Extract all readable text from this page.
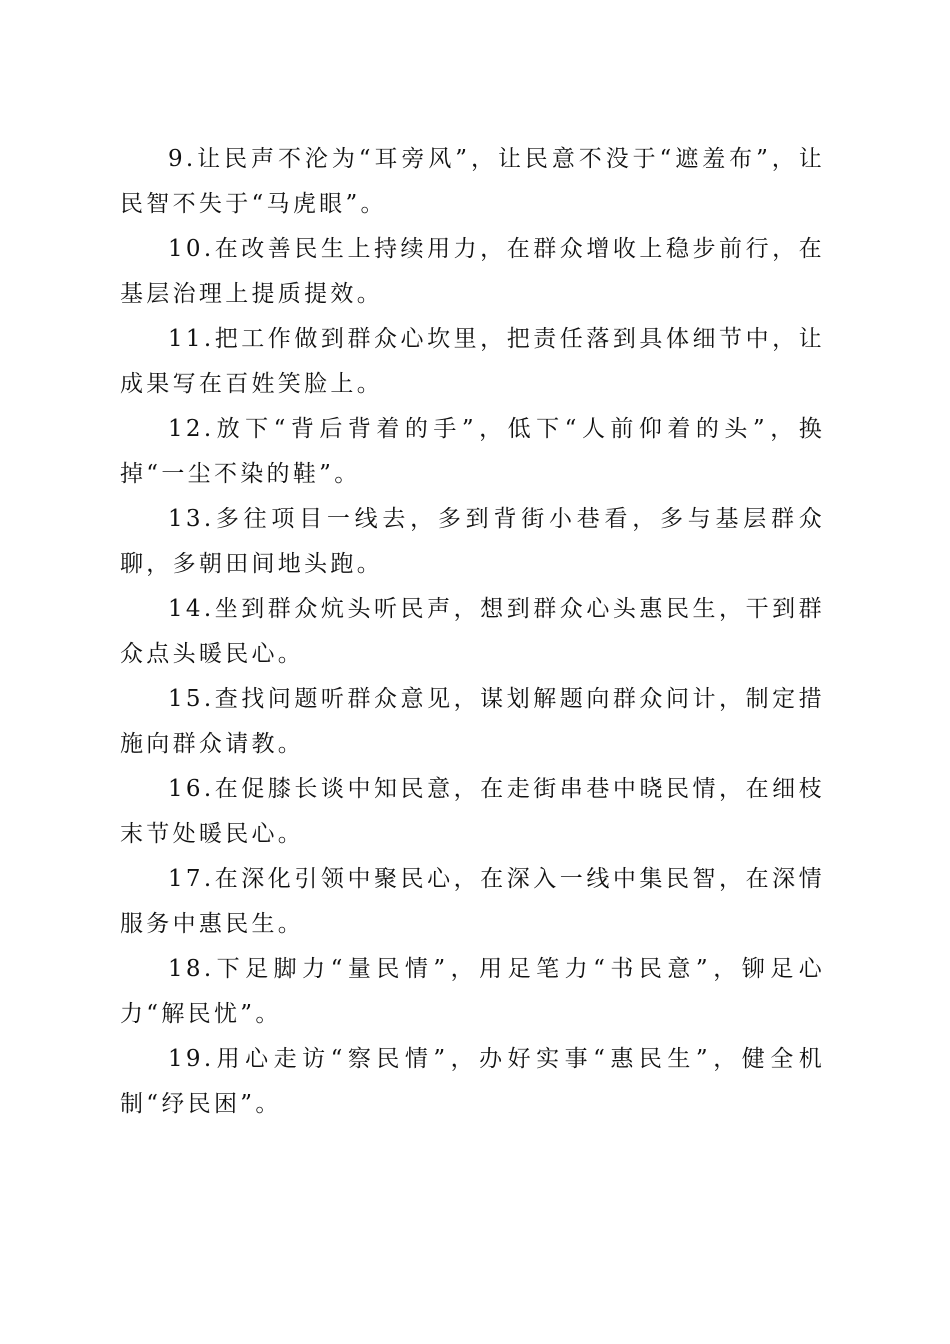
9.让民声不沦为“耳旁风”，让民意不没于“遮羞布”，让民智不失于“马虎眼”。

10.在改善民生上持续用力，在群众增收上稳步前行，在基层治理上提质提效。

11.把工作做到群众心坎里，把责任落到具体细节中，让成果写在百姓笑脸上。

12.放下“背后背着的手”，低下“人前仰着的头”，换掉“一尘不染的鞋”。

13.多往项目一线去，多到背街小巷看，多与基层群众聊，多朝田间地头跑。

14.坐到群众炕头听民声，想到群众心头惠民生，干到群众点头暖民心。

15.查找问题听群众意见，谋划解题向群众问计，制定措施向群众请教。

16.在促膝长谈中知民意，在走街串巷中晓民情，在细枝末节处暖民心。

17.在深化引领中聚民心，在深入一线中集民智，在深情服务中惠民生。

18.下足脚力“量民情”，用足笔力“书民意”，铆足心力“解民忧”。

19.用心走访“察民情”，办好实事“惠民生”，健全机制“纾民困”。
